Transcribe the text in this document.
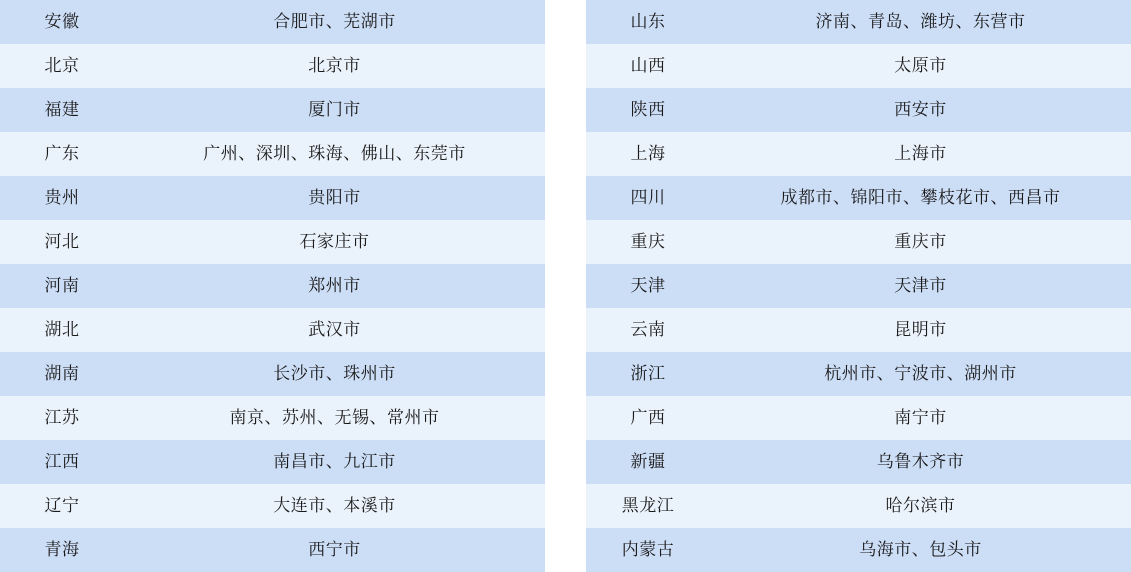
安徽	合肥市、芜湖市
北京	北京市
福建	厦门市
广东	广州、深圳、珠海、佛山、东莞市
贵州	贵阳市
河北	石家庄市
河南	郑州市
湖北	武汉市
湖南	长沙市、珠州市
江苏	南京、苏州、无锡、常州市
江西	南昌市、九江市
辽宁	大连市、本溪市
青海	西宁市
山东	济南、青岛、潍坊、东营市
山西	太原市
陕西	西安市
上海	上海市
四川	成都市、锦阳市、攀枝花市、西昌市
重庆	重庆市
天津	天津市
云南	昆明市
浙江	杭州市、宁波市、湖州市
广西	南宁市
新疆	乌鲁木齐市
黑龙江	哈尔滨市
内蒙古	乌海市、包头市
